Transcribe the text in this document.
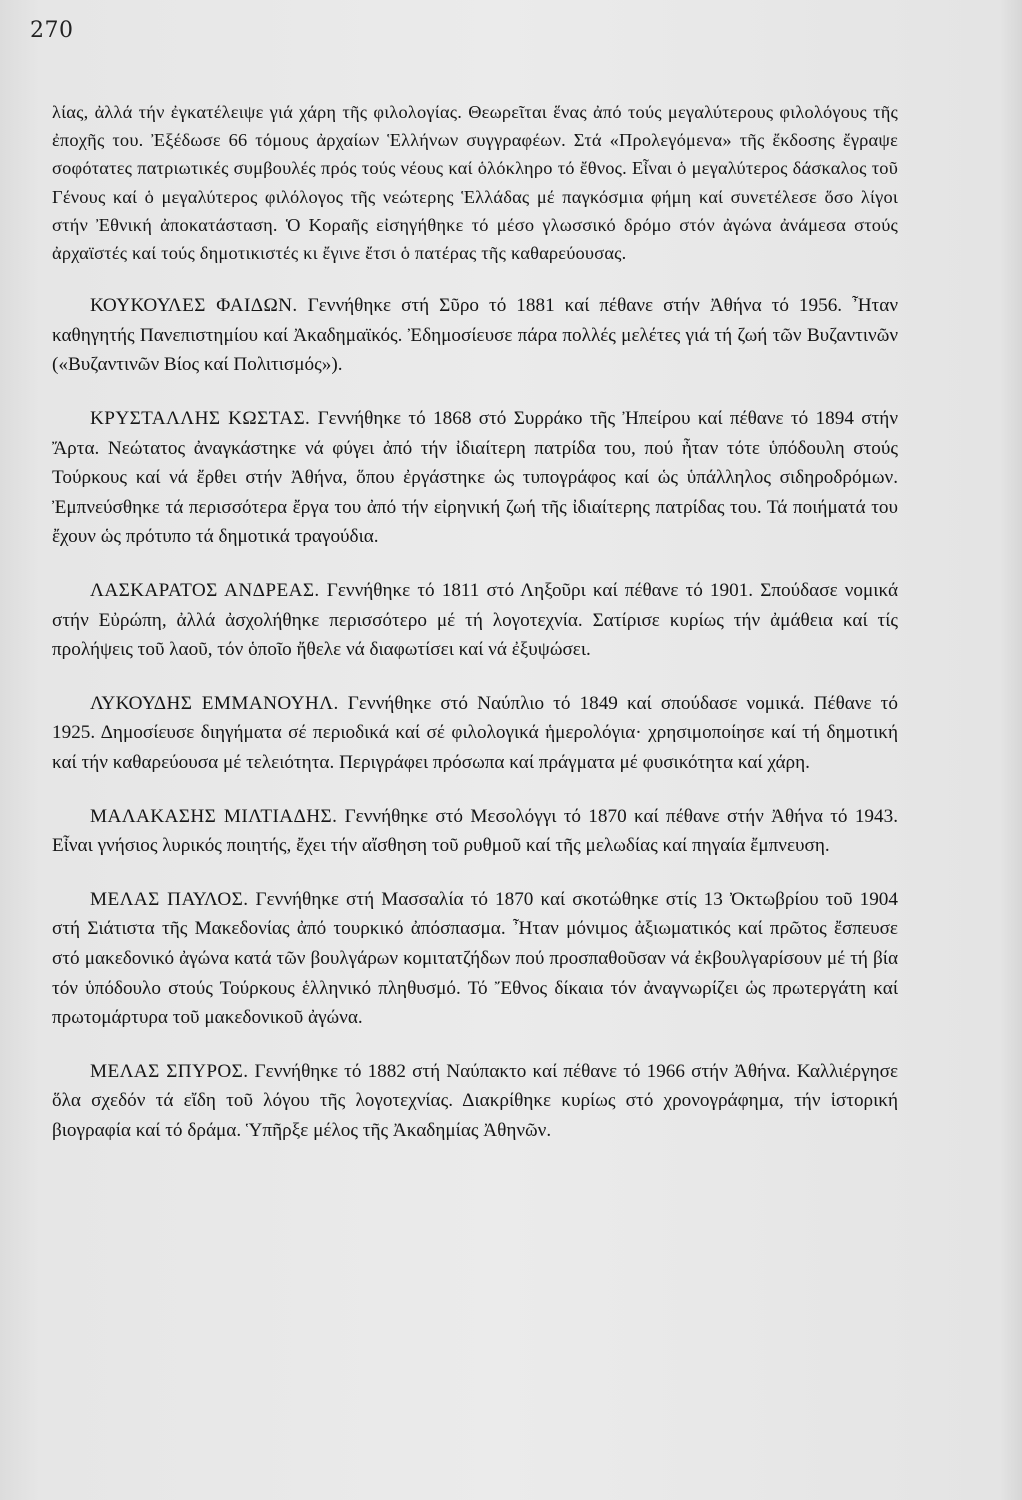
270

λίας, ἀλλά τήν ἐγκατέλειψε γιά χάρη τῆς φιλολογίας. Θεωρεῖται ἕνας ἀπό τούς μεγαλύτερους φιλολόγους τῆς ἐποχῆς του. Ἐξέδωσε 66 τόμους ἀρχαίων Ἑλλήνων συγγραφέων. Στά «Προλεγόμενα» τῆς ἔκδοσης ἔγραψε σοφότατες πατριωτικές συμβουλές πρός τούς νέους καί ὁλόκληρο τό ἔθνος. Εἶναι ὁ μεγαλύτερος δάσκαλος τοῦ Γένους καί ὁ μεγαλύτερος φιλόλογος τῆς νεώτερης Ἑλλάδας μέ παγκόσμια φήμη καί συνετέλεσε ὅσο λίγοι στήν Ἐθνική ἀποκατάσταση. Ὁ Κοραῆς εἰσηγήθηκε τό μέσο γλωσσικό δρόμο στόν ἀγώνα ἀνάμεσα στούς ἀρχαϊστές καί τούς δημοτικιστές κι ἔγινε ἔτσι ὁ πατέρας τῆς καθαρεύουσας.

ΚΟΥΚΟΥΛΕΣ ΦΑΙΔΩΝ. Γεννήθηκε στή Σῦρο τό 1881 καί πέθανε στήν Ἀθήνα τό 1956. Ἦταν καθηγητής Πανεπιστημίου καί Ἀκαδημαϊκός. Ἐδημοσίευσε πάρα πολλές μελέτες γιά τή ζωή τῶν Βυζαντινῶν («Βυζαντινῶν Βίος καί Πολιτισμός»).

ΚΡΥΣΤΑΛΛΗΣ ΚΩΣΤΑΣ. Γεννήθηκε τό 1868 στό Συρράκο τῆς Ἠπείρου καί πέθανε τό 1894 στήν Ἄρτα. Νεώτατος ἀναγκάστηκε νά φύγει ἀπό τήν ἰδιαίτερη πατρίδα του, πού ἦταν τότε ὑπόδουλη στούς Τούρκους καί νά ἔρθει στήν Ἀθήνα, ὅπου ἐργάστηκε ὡς τυπογράφος καί ὡς ὑπάλληλος σιδηροδρόμων. Ἐμπνεύσθηκε τά περισσότερα ἔργα του ἀπό τήν εἰρηνική ζωή τῆς ἰδιαίτερης πατρίδας του. Τά ποιήματά του ἔχουν ὡς πρότυπο τά δημοτικά τραγούδια.

ΛΑΣΚΑΡΑΤΟΣ ΑΝΔΡΕΑΣ. Γεννήθηκε τό 1811 στό Ληξοῦρι καί πέθανε τό 1901. Σπούδασε νομικά στήν Εὐρώπη, ἀλλά ἀσχολήθηκε περισσότερο μέ τή λογοτεχνία. Σατίρισε κυρίως τήν ἀμάθεια καί τίς προλήψεις τοῦ λαοῦ, τόν ὁποῖο ἤθελε νά διαφωτίσει καί νά ἐξυψώσει.

ΛΥΚΟΥΔΗΣ ΕΜΜΑΝΟΥΗΛ. Γεννήθηκε στό Ναύπλιο τό 1849 καί σπούδασε νομικά. Πέθανε τό 1925. Δημοσίευσε διηγήματα σέ περιοδικά καί σέ φιλολογικά ἡμερολόγια· χρησιμοποίησε καί τή δημοτική καί τήν καθαρεύουσα μέ τελειότητα. Περιγράφει πρόσωπα καί πράγματα μέ φυσικότητα καί χάρη.

ΜΑΛΑΚΑΣΗΣ ΜΙΛΤΙΑΔΗΣ. Γεννήθηκε στό Μεσολόγγι τό 1870 καί πέθανε στήν Ἀθήνα τό 1943. Εἶναι γνήσιος λυρικός ποιητής, ἔχει τήν αἴσθηση τοῦ ρυθμοῦ καί τῆς μελωδίας καί πηγαία ἔμπνευση.

ΜΕΛΑΣ ΠΑΥΛΟΣ. Γεννήθηκε στή Μασσαλία τό 1870 καί σκοτώθηκε στίς 13 Ὀκτωβρίου τοῦ 1904 στή Σιάτιστα τῆς Μακεδονίας ἀπό τουρκικό ἀπόσπασμα. Ἦταν μόνιμος ἀξιωματικός καί πρῶτος ἔσπευσε στό μακεδονικό ἀγώνα κατά τῶν βουλγάρων κομιτατζήδων πού προσπαθοῦσαν νά ἐκβουλγαρίσουν μέ τή βία τόν ὑπόδουλο στούς Τούρκους ἑλληνικό πληθυσμό. Τό Ἔθνος δίκαια τόν ἀναγνωρίζει ὡς πρωτεργάτη καί πρωτομάρτυρα τοῦ μακεδονικοῦ ἀγώνα.

ΜΕΛΑΣ ΣΠΥΡΟΣ. Γεννήθηκε τό 1882 στή Ναύπακτο καί πέθανε τό 1966 στήν Ἀθήνα. Καλλιέργησε ὅλα σχεδόν τά εἴδη τοῦ λόγου τῆς λογοτεχνίας. Διακρίθηκε κυρίως στό χρονογράφημα, τήν ἱστορική βιογραφία καί τό δράμα. Ὑπῆρξε μέλος τῆς Ἀκαδημίας Ἀθηνῶν.
